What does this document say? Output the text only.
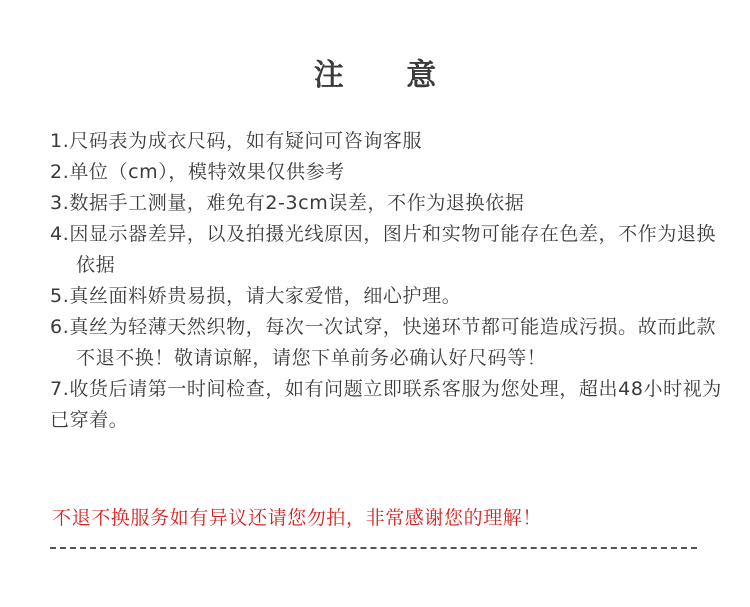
注 意
1.尺码表为成衣尺码，如有疑问可咨询客服
2.单位（cm），模特效果仅供参考
3.数据手工测量，难免有2-3cm误差，不作为退换依据
4.因显示器差异，以及拍摄光线原因，图片和实物可能存在色差，不作为退换依据
5.真丝面料娇贵易损，请大家爱惜，细心护理。
6.真丝为轻薄天然织物，每次一次试穿，快递环节都可能造成污损。故而此款不退不换！敬请谅解，请您下单前务必确认好尺码等！
7.收货后请第一时间检查，如有问题立即联系客服为您处理，超出48小时视为已穿着。
不退不换服务如有异议还请您勿拍，非常感谢您的理解！
